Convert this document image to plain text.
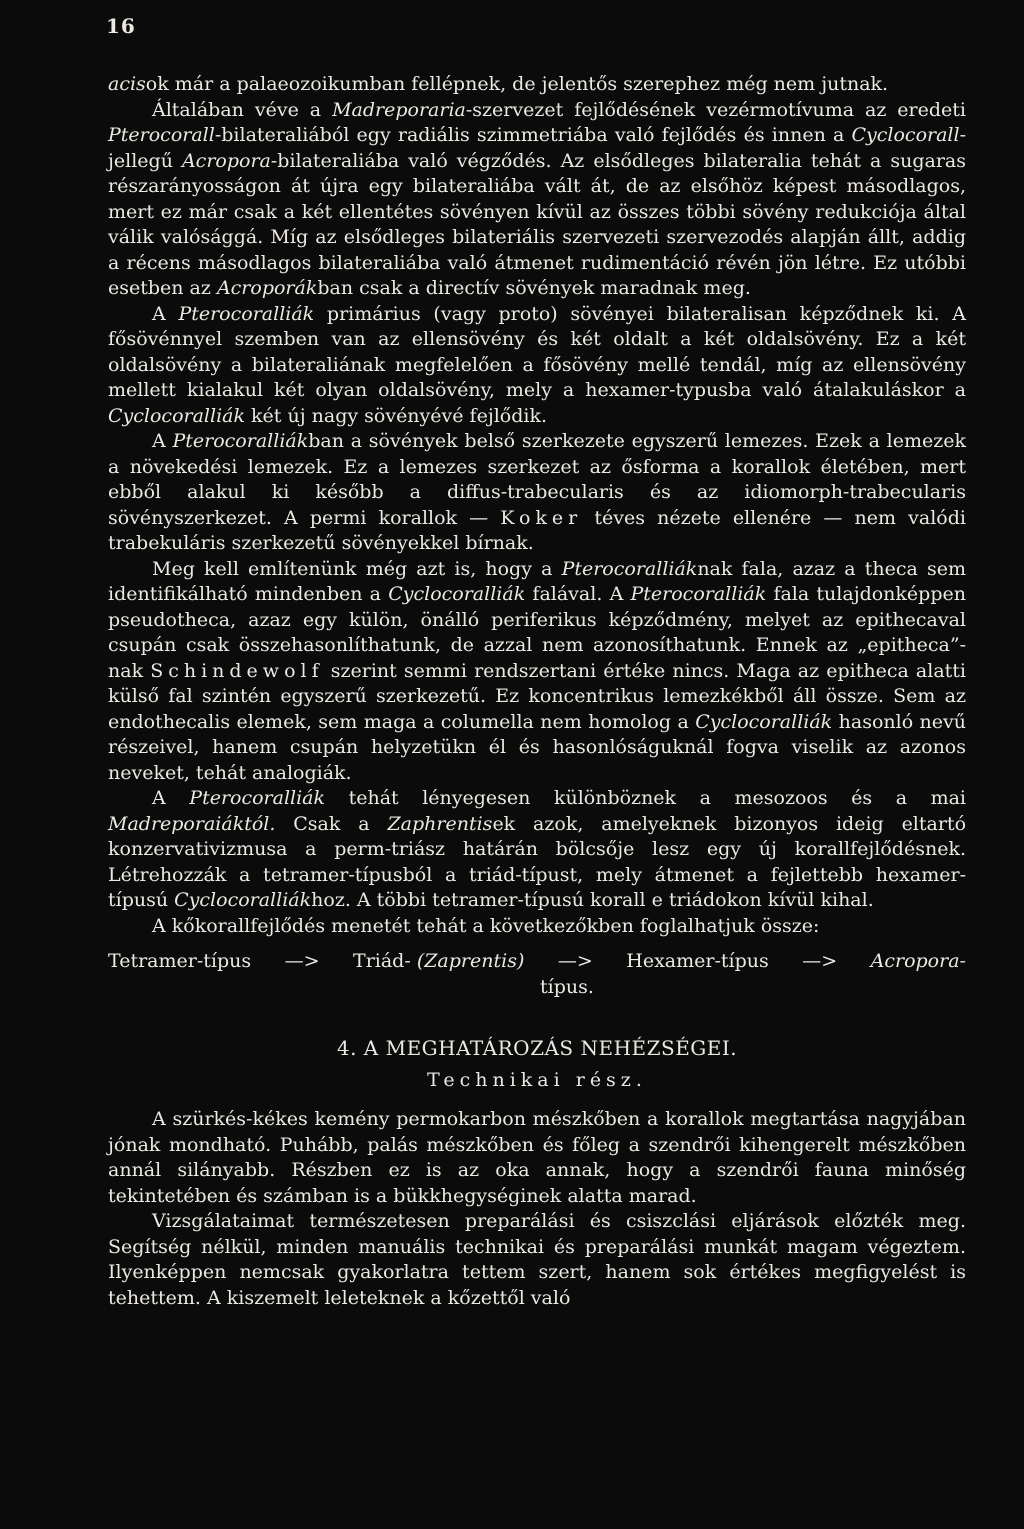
16

acisok már a palaeozoikumban fellépnek, de jelentős szerephez még nem jutnak.

Általában véve a Madreporaria-szervezet fejlődésének vezérmotívuma az eredeti Pterocorall-bilateraliából egy radiális szimmetriába való fejlődés és innen a Cyclocorall-jellegű Acropora-bilateraliába való végződés. Az elsődleges bilateralia tehát a sugaras részarányosságon át újra egy bilateraliába vált át, de az elsőhöz képest másodlagos, mert ez már csak a két ellentétes sövényen kívül az összes többi sövény redukciója által válik valósággá. Míg az elsődleges bilateriális szervezeti szervezodés alapján állt, addig a récens másodlagos bilateraliába való átmenet rudimentáció révén jön létre. Ez utóbbi esetben az Acroporákban csak a directív sövények maradnak meg.

A Pterocoralliák primárius (vagy proto) sövényei bilateralisan képződnek ki. A fősövénnyel szemben van az ellensövény és két oldalt a két oldalsövény. Ez a két oldalsövény a bilateraliának megfelelően a fősövény mellé tendál, míg az ellensövény mellett kialakul két olyan oldalsövény, mely a hexamer-typusba való átalakuláskor a Cyclocoralliák két új nagy sövényévé fejlődik.

A Pterocoralliákban a sövények belső szerkezete egyszerű lemezes. Ezek a lemezek a növekedési lemezek. Ez a lemezes szerkezet az ősforma a korallok életében, mert ebből alakul ki később a diffus-trabecularis és az idiomorph-trabecularis sövényszerkezet. A permi korallok — Koker téves nézete ellenére — nem valódi trabekuláris szerkezetű sövényekkel bírnak.

Meg kell említenünk még azt is, hogy a Pterocoralliáknak fala, azaz a theca sem identifikálható mindenben a Cyclocoralliák falával. A Pterocoralliák fala tulajdonképpen pseudotheca, azaz egy külön, önálló periferikus képződmény, melyet az epithecaval csupán csak összehasonlíthatunk, de azzal nem azonosíthatunk. Ennek az „epitheca”-nak Schindewolf szerint semmi rendszertani értéke nincs. Maga az epitheca alatti külső fal szintén egyszerű szerkezetű. Ez koncentrikus lemezkékből áll össze. Sem az endothecalis elemek, sem maga a columella nem homolog a Cyclocoralliák hasonló nevű részeivel, hanem csupán helyzetükn él és hasonlóságuknál fogva viselik az azonos neveket, tehát analogiák.

A Pterocoralliák tehát lényegesen különböznek a mesozoos és a mai Madreporaiáktól. Csak a Zaphrentisek azok, amelyeknek bizonyos ideig eltartó konzervativizmusa a perm-triász határán bölcsője lesz egy új korallfejlődésnek. Létrehozzák a tetramer-típusból a triád-típust, mely átmenet a fejlettebb hexamer-típusú Cyclocoralliákhoz. A többi tetramer-típusú korall e triádokon kívül kihal.

A kőkorallfejlődés menetét tehát a következőkben foglalhatjuk össze:

Tetramer-típus —> Triád- (Zaprentis) —> Hexamer-típus —> Acropora-
típus.
4. A MEGHATÁROZÁS NEHÉZSÉGEI.
Technikai rész.

A szürkés-kékes kemény permokarbon mészkőben a korallok megtartása nagyjában jónak mondható. Puhább, palás mészkőben és főleg a szendrői kihengerelt mészkőben annál silányabb. Részben ez is az oka annak, hogy a szendrői fauna minőség tekintetében és számban is a bükkhegységinek alatta marad.

Vizsgálataimat természetesen preparálási és csiszclási eljárások előzték meg. Segítség nélkül, minden manuális technikai és preparálási munkát magam végeztem. Ilyenképpen nemcsak gyakorlatra tettem szert, hanem sok értékes megfigyelést is tehettem. A kiszemelt leleteknek a kőzettől való
